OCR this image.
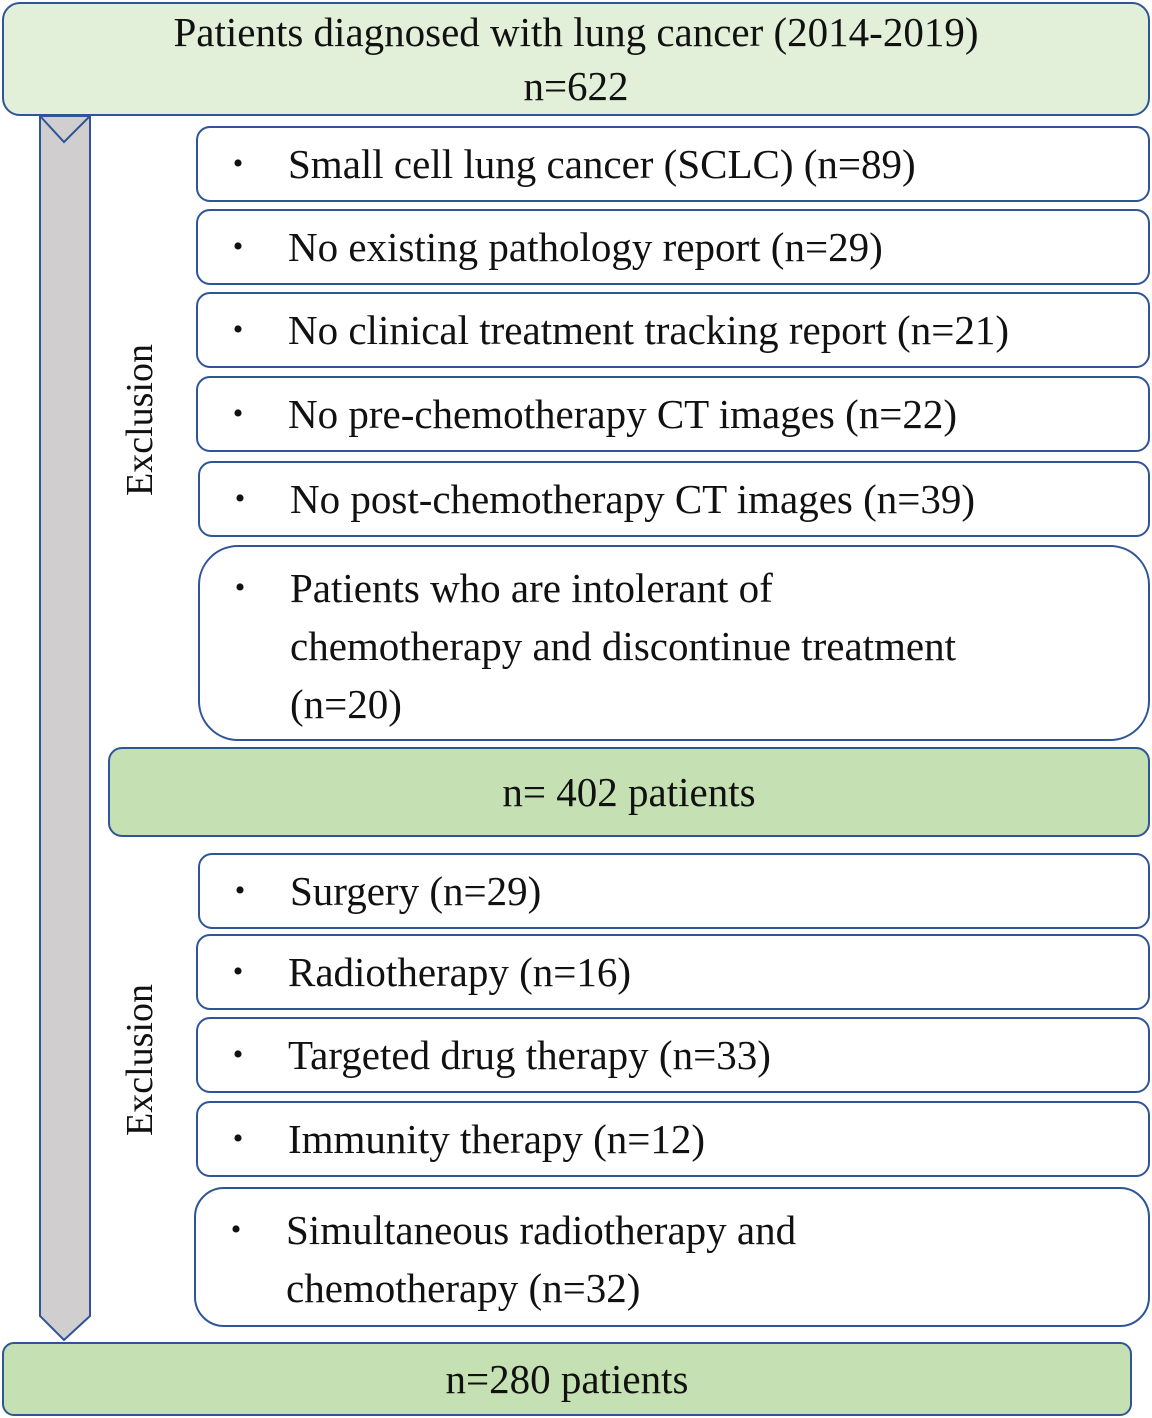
Patients diagnosed with lung cancer (2014-2019)
n=622
Exclusion
• Small cell lung cancer (SCLC) (n=89)
• No existing pathology report (n=29)
• No clinical treatment tracking report (n=21)
• No pre-chemotherapy CT images (n=22)
• No post-chemotherapy CT images (n=39)
• Patients who are intolerant of
chemotherapy and discontinue treatment
(n=20)
n= 402 patients
Exclusion
• Surgery (n=29)
• Radiotherapy (n=16)
• Targeted drug therapy (n=33)
• Immunity therapy (n=12)
• Simultaneous radiotherapy and
chemotherapy (n=32)
n=280 patients
